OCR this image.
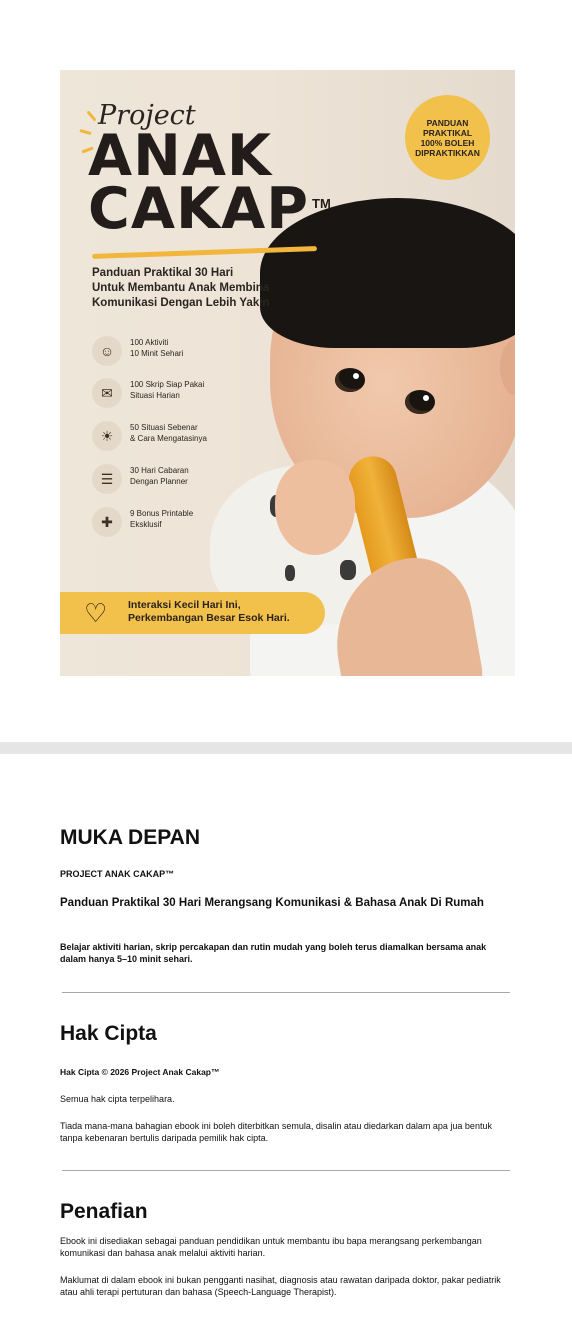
Project
ANAK
CAKAP TM
PANDUAN
PRAKTIKAL
100% BOLEH
DIPRAKTIKKAN
Panduan Praktikal 30 Hari
Untuk Membantu Anak Membina
Komunikasi Dengan Lebih Yakin
☺
100 Aktiviti
10 Minit Sehari
✉	100 Skrip Siap Pakai
Situasi Harian
☀	50 Situasi Sebenar
& Cara Mengatasinya
☰	30 Hari Cabaran
Dengan Planner
✚	9 Bonus Printable
Eksklusif
♡ Interaksi Kecil Hari Ini,
Perkembangan Besar Esok Hari.
MUKA DEPAN

PROJECT ANAK CAKAP™

Panduan Praktikal 30 Hari Merangsang Komunikasi & Bahasa Anak Di Rumah

Belajar aktiviti harian, skrip percakapan dan rutin mudah yang boleh terus diamalkan bersama anak dalam hanya 5–10 minit sehari.

Hak Cipta

Hak Cipta © 2026 Project Anak Cakap™

Semua hak cipta terpelihara.

Tiada mana-mana bahagian ebook ini boleh diterbitkan semula, disalin atau diedarkan dalam apa jua bentuk tanpa kebenaran bertulis daripada pemilik hak cipta.

Penafian

Ebook ini disediakan sebagai panduan pendidikan untuk membantu ibu bapa merangsang perkembangan komunikasi dan bahasa anak melalui aktiviti harian.

Maklumat di dalam ebook ini bukan pengganti nasihat, diagnosis atau rawatan daripada doktor, pakar pediatrik atau ahli terapi pertuturan dan bahasa (Speech-Language Therapist).
